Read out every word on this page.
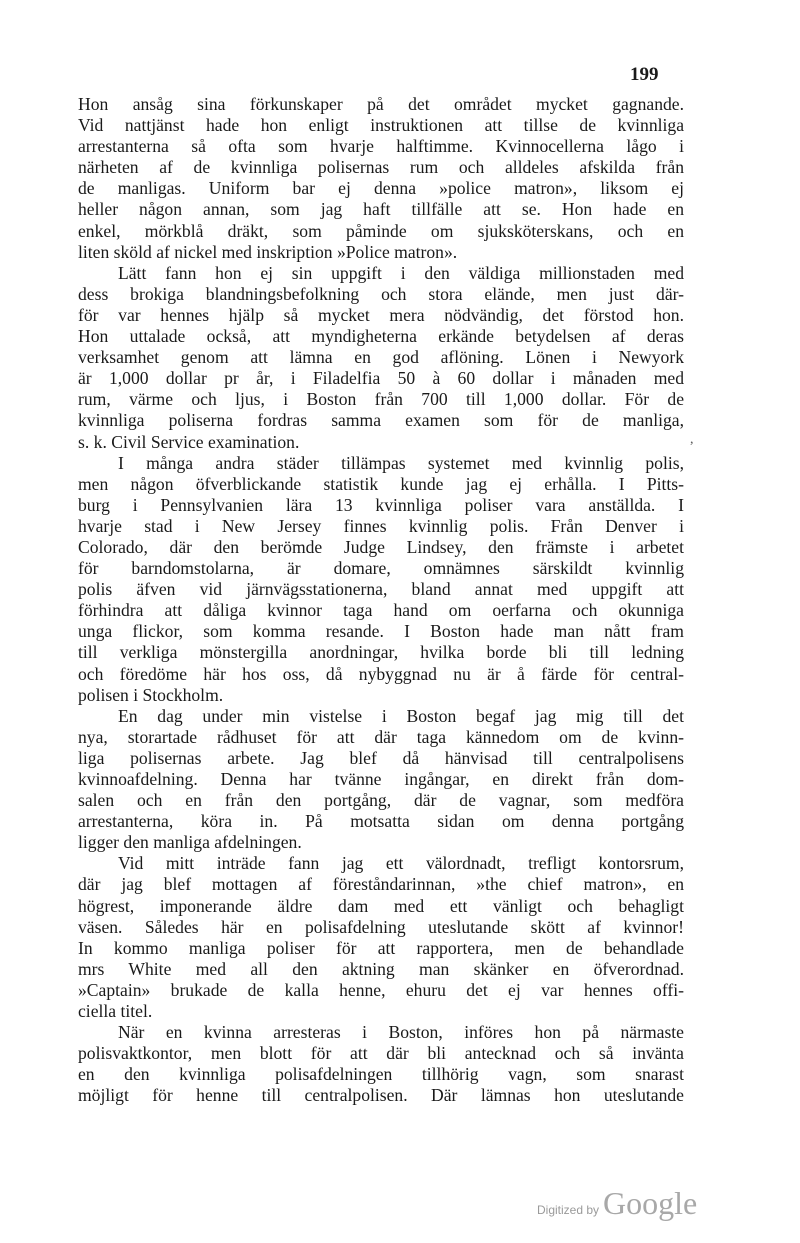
199
Hon ansåg sina förkunskaper på det området mycket gagnande.
Vid nattjänst hade hon enligt instruktionen att tillse de kvinnliga
arrestanterna så ofta som hvarje halftimme. Kvinnocellerna lågo i
närheten af de kvinnliga polisernas rum och alldeles afskilda från
de manligas. Uniform bar ej denna »police matron», liksom ej
heller någon annan, som jag haft tillfälle att se. Hon hade en
enkel, mörkblå dräkt, som påminde om sjuksköterskans, och en
liten sköld af nickel med inskription »Police matron».
Lätt fann hon ej sin uppgift i den väldiga millionstaden med
dess brokiga blandningsbefolkning och stora elände, men just där-
för var hennes hjälp så mycket mera nödvändig, det förstod hon.
Hon uttalade också, att myndigheterna erkände betydelsen af deras
verksamhet genom att lämna en god aflöning. Lönen i Newyork
är 1,000 dollar pr år, i Filadelfia 50 à 60 dollar i månaden med
rum, värme och ljus, i Boston från 700 till 1,000 dollar. För de
kvinnliga poliserna fordras samma examen som för de manliga,
s. k. Civil Service examination.
I många andra städer tillämpas systemet med kvinnlig polis,
men någon öfverblickande statistik kunde jag ej erhålla. I Pitts-
burg i Pennsylvanien lära 13 kvinnliga poliser vara anställda. I
hvarje stad i New Jersey finnes kvinnlig polis. Från Denver i
Colorado, där den berömde Judge Lindsey, den främste i arbetet
för barndomstolarna, är domare, omnämnes särskildt kvinnlig
polis äfven vid järnvägsstationerna, bland annat med uppgift att
förhindra att dåliga kvinnor taga hand om oerfarna och okunniga
unga flickor, som komma resande. I Boston hade man nått fram
till verkliga mönstergilla anordningar, hvilka borde bli till ledning
och föredöme här hos oss, då nybyggnad nu är å färde för central-
polisen i Stockholm.
En dag under min vistelse i Boston begaf jag mig till det
nya, storartade rådhuset för att där taga kännedom om de kvinn-
liga polisernas arbete. Jag blef då hänvisad till centralpolisens
kvinnoafdelning. Denna har tvänne ingångar, en direkt från dom-
salen och en från den portgång, där de vagnar, som medföra
arrestanterna, köra in. På motsatta sidan om denna portgång
ligger den manliga afdelningen.
Vid mitt inträde fann jag ett välordnadt, trefligt kontorsrum,
där jag blef mottagen af föreståndarinnan, »the chief matron», en
högrest, imponerande äldre dam med ett vänligt och behagligt
väsen. Således här en polisafdelning uteslutande skött af kvinnor!
In kommo manliga poliser för att rapportera, men de behandlade
mrs White med all den aktning man skänker en öfverordnad.
»Captain» brukade de kalla henne, ehuru det ej var hennes offi-
ciella titel.
När en kvinna arresteras i Boston, införes hon på närmaste
polisvaktkontor, men blott för att där bli antecknad och så invänta
en den kvinnliga polisafdelningen tillhörig vagn, som snarast
möjligt för henne till centralpolisen. Där lämnas hon uteslutande
,
Digitized by Google
